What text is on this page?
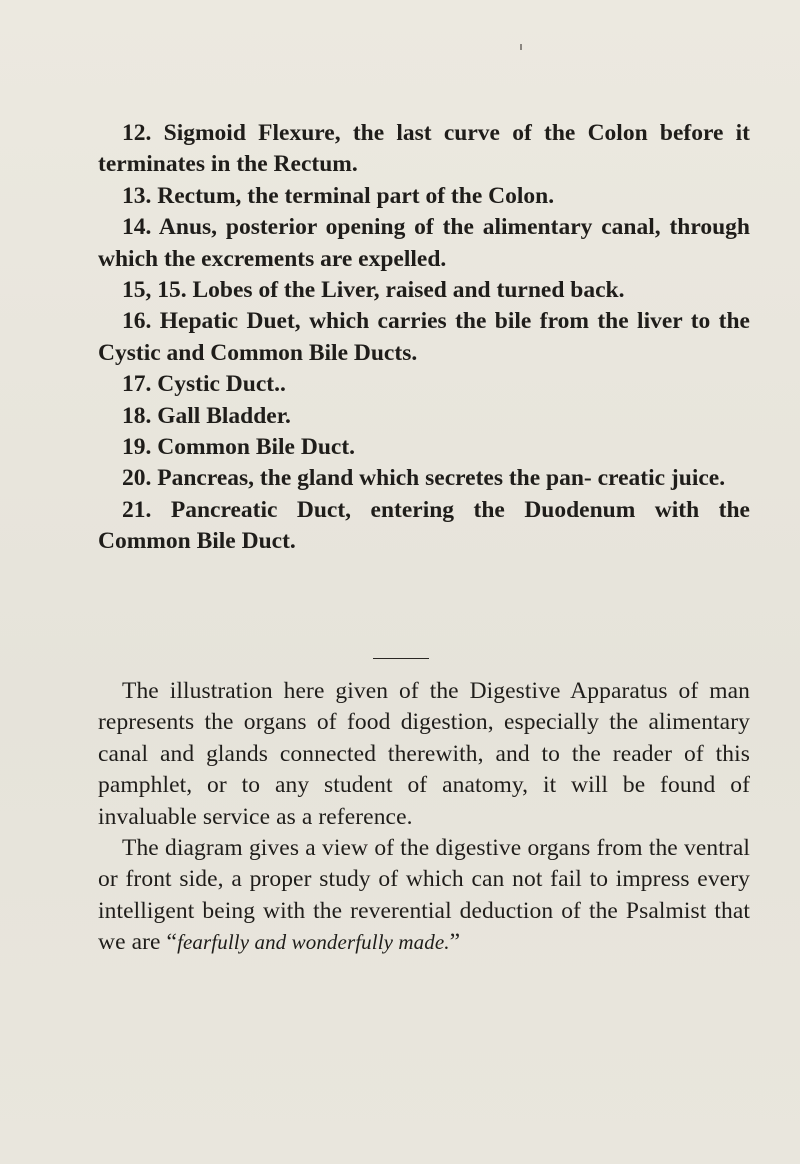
12. Sigmoid Flexure, the last curve of the Colon before it terminates in the Rectum.

13. Rectum, the terminal part of the Colon.

14. Anus, posterior opening of the alimentary canal, through which the excrements are expelled.

15, 15. Lobes of the Liver, raised and turned back.

16. Hepatic Duet, which carries the bile from the liver to the Cystic and Common Bile Ducts.

17. Cystic Duct..

18. Gall Bladder.

19. Common Bile Duct.

20. Pancreas, the gland which secretes the pan- creatic juice.

21. Pancreatic Duct, entering the Duodenum with the Common Bile Duct.

The illustration here given of the Digestive Apparatus of man represents the organs of food digestion, especially the alimentary canal and glands connected therewith, and to the reader of this pamphlet, or to any student of anatomy, it will be found of invaluable service as a reference.

The diagram gives a view of the digestive organs from the ventral or front side, a proper study of which can not fail to impress every intelligent being with the reverential deduction of the Psalmist that we are “fearfully and wonderfully made.”
